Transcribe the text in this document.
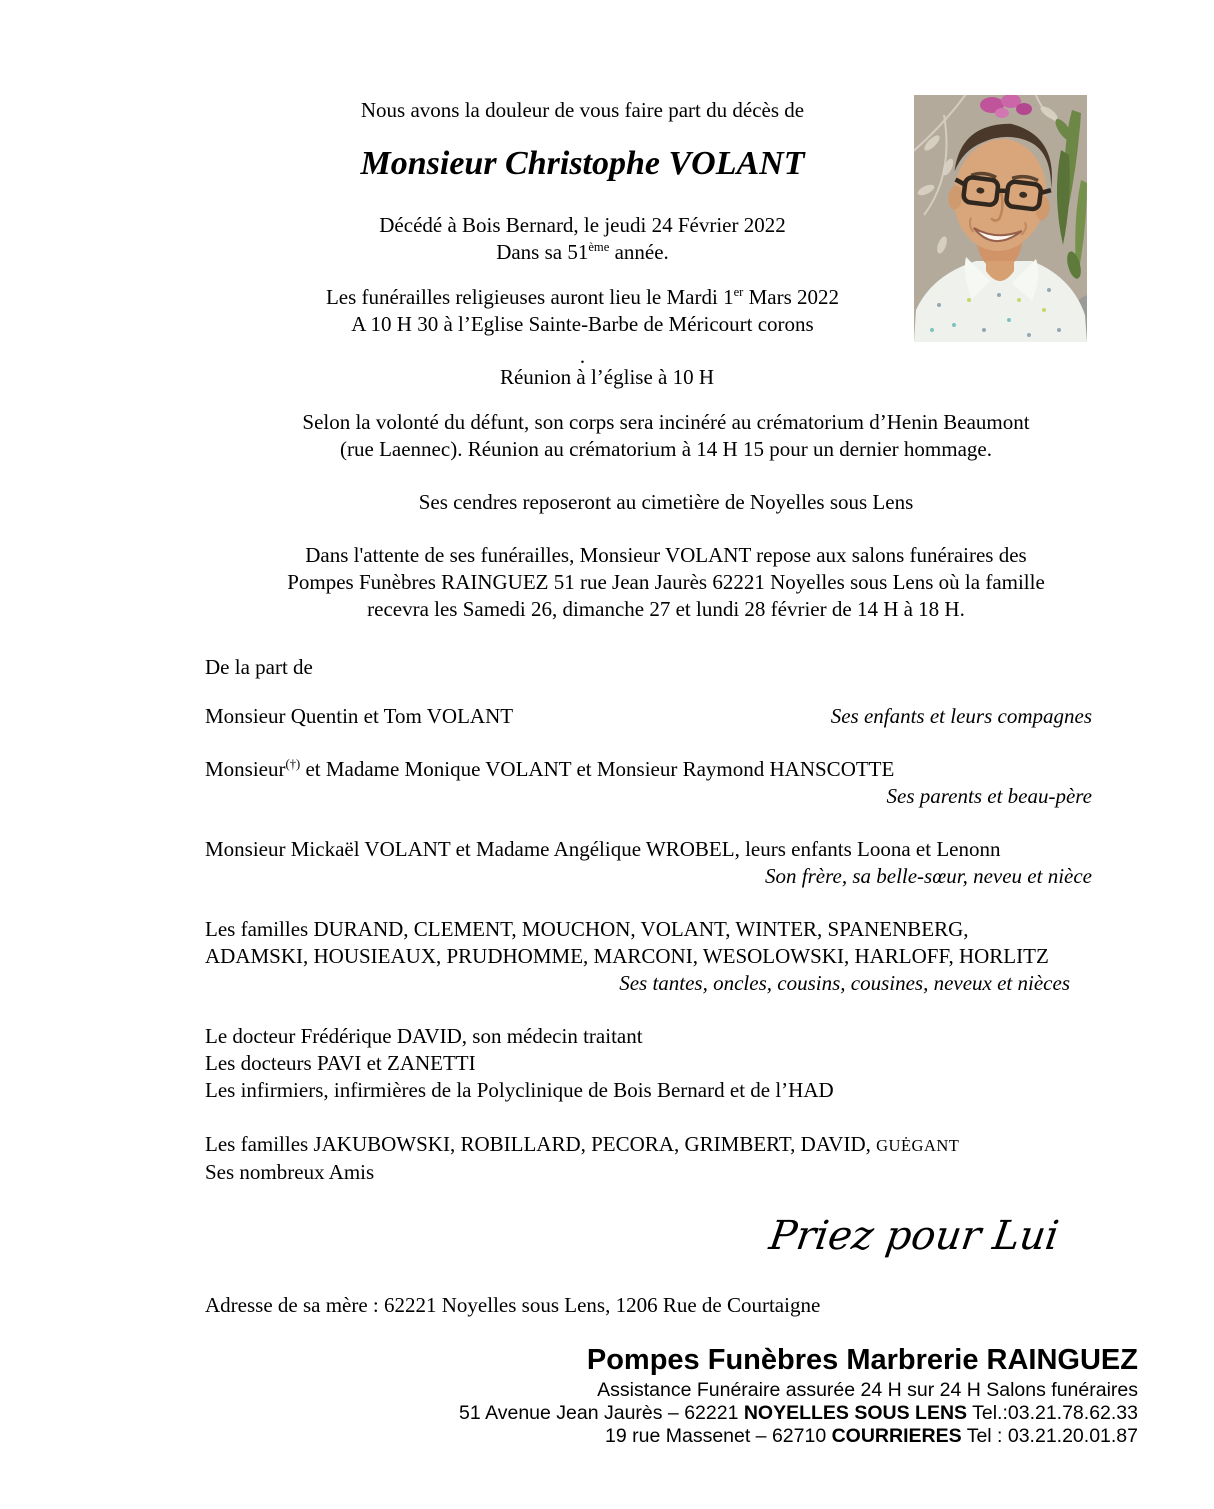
Nous avons la douleur de vous faire part du décès de

Monsieur Christophe VOLANT

Décédé à Bois Bernard, le jeudi 24 Février 2022

Dans sa 51ème année.

Les funérailles religieuses auront lieu le Mardi 1er Mars 2022

A 10 H 30 à l’Eglise Sainte-Barbe de Méricourt corons

.

Réunion à l’église à 10 H

Selon la volonté du défunt, son corps sera incinéré au crématorium d’Henin Beaumont

(rue Laennec). Réunion au crématorium à 14 H 15 pour un dernier hommage.

Ses cendres reposeront au cimetière de Noyelles sous Lens

Dans l'attente de ses funérailles, Monsieur VOLANT repose aux salons funéraires des

Pompes Funèbres RAINGUEZ 51 rue Jean Jaurès 62221 Noyelles sous Lens où la famille

recevra les Samedi 26, dimanche 27 et lundi 28 février de 14 H à 18 H.

De la part de

Monsieur Quentin et Tom VOLANT	Ses enfants et leurs compagnes

Monsieur(†) et Madame Monique VOLANT et Monsieur Raymond HANSCOTTE

Ses parents et beau-père

Monsieur Mickaël VOLANT et Madame Angélique WROBEL, leurs enfants Loona et Lenonn

Son frère, sa belle-sœur, neveu et nièce

Les familles DURAND, CLEMENT, MOUCHON, VOLANT, WINTER, SPANENBERG,

ADAMSKI, HOUSIEAUX, PRUDHOMME, MARCONI, WESOLOWSKI, HARLOFF, HORLITZ

Ses tantes, oncles, cousins, cousines, neveux et nièces

Le docteur Frédérique DAVID, son médecin traitant

Les docteurs PAVI et ZANETTI

Les infirmiers, infirmières de la Polyclinique de Bois Bernard et de l’HAD

Les familles JAKUBOWSKI, ROBILLARD, PECORA, GRIMBERT, DAVID, GUĖGANT

Ses nombreux Amis

Priez pour Lui

Adresse de sa mère : 62221 Noyelles sous Lens, 1206 Rue de Courtaigne

Pompes Funèbres Marbrerie RAINGUEZ

Assistance Funéraire assurée 24 H sur 24 H Salons funéraires

51 Avenue Jean Jaurès – 62221 NOYELLES SOUS LENS Tel.:03.21.78.62.33

19 rue Massenet – 62710 COURRIERES Tel : 03.21.20.01.87
